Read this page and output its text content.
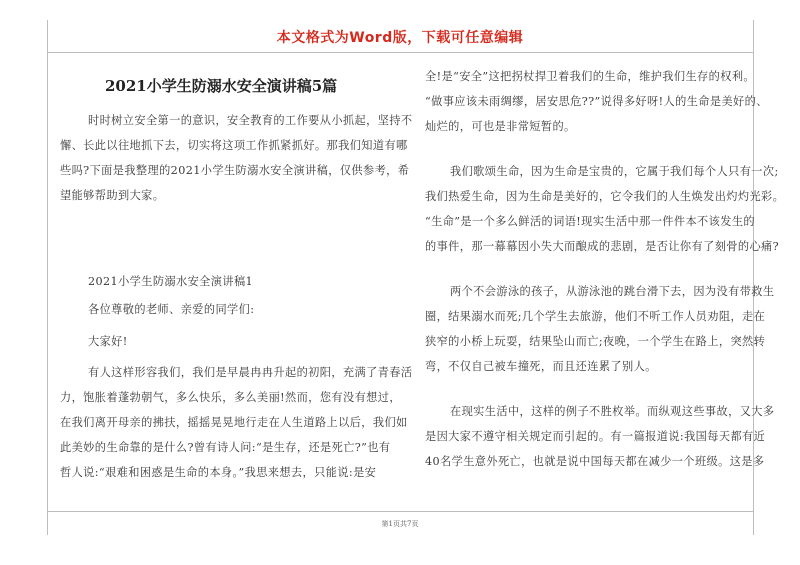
本文格式为Word版，下载可任意编辑
2021小学生防溺水安全演讲稿5篇
时时树立安全第一的意识，安全教育的工作要从小抓起，坚持不
懈、长此以往地抓下去，切实将这项工作抓紧抓好。那我们知道有哪
些吗?下面是我整理的2021小学生防溺水安全演讲稿，仅供参考，希
望能够帮助到大家。
2021小学生防溺水安全演讲稿1
各位尊敬的老师、亲爱的同学们:
大家好!
有人这样形容我们，我们是早晨冉冉升起的初阳，充满了青春活
力，饱胀着蓬勃朝气，多么快乐，多么美丽!然而，您有没有想过，
在我们离开母亲的拂扶，摇摇晃晃地行走在人生道路上以后，我们如
此美妙的生命靠的是什么?曾有诗人问:“是生存，还是死亡?”也有
哲人说:“艰难和困惑是生命的本身。”我思来想去，只能说:是安
全!是“安全”这把拐杖捍卫着我们的生命，维护我们生存的权利。
“做事应该未雨绸缪，居安思危??”说得多好呀!人的生命是美好的、
灿烂的，可也是非常短暂的。
我们歌颂生命，因为生命是宝贵的，它属于我们每个人只有一次;
我们热爱生命，因为生命是美好的，它令我们的人生焕发出灼灼光彩。
“生命”是一个多么鲜活的词语!现实生活中那一件件本不该发生的
的事件，那一幕幕因小失大而酿成的悲剧，是否让你有了刻骨的心痛?
两个不会游泳的孩子，从游泳池的跳台滑下去，因为没有带救生
圈，结果溺水而死;几个学生去旅游，他们不听工作人员劝阻，走在
狭窄的小桥上玩耍，结果坠山而亡;夜晚，一个学生在路上，突然转
弯，不仅自己被车撞死，而且还连累了别人。
在现实生活中，这样的例子不胜枚举。而纵观这些事故，又大多
是因大家不遵守相关规定而引起的。有一篇报道说:我国每天都有近
40名学生意外死亡，也就是说中国每天都在减少一个班级。这是多
第1页共7页
